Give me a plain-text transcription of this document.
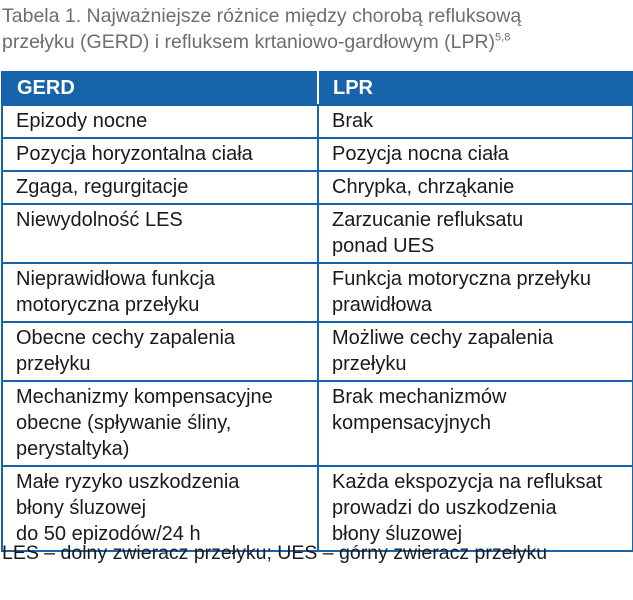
Tabela 1. Najważniejsze różnice między chorobą refluksową
przełyku (GERD) i refluksem krtaniowo-gardłowym (LPR)$^{5,8}$
GERD	LPR

Epizody nocne	Brak

Pozycja horyzontalna ciała	Pozycja nocna ciała

Zgaga, regurgitacje	Chrypka, chrząkanie

Niewydolność LES	Zarzucanie refluksatu
ponad UES

Nieprawidłowa funkcja
motoryczna przełyku	Funkcja motoryczna przełyku
prawidłowa

Obecne cechy zapalenia
przełyku	Możliwe cechy zapalenia
przełyku

Mechanizmy kompensacyjne
obecne (spływanie śliny,
perystaltyka)	Brak mechanizmów
kompensacyjnych

Małe ryzyko uszkodzenia
błony śluzowej
do 50 epizodów/24 h	Każda ekspozycja na refluksat
prowadzi do uszkodzenia
błony śluzowej
LES – dolny zwieracz przełyku; UES – górny zwieracz przełyku
